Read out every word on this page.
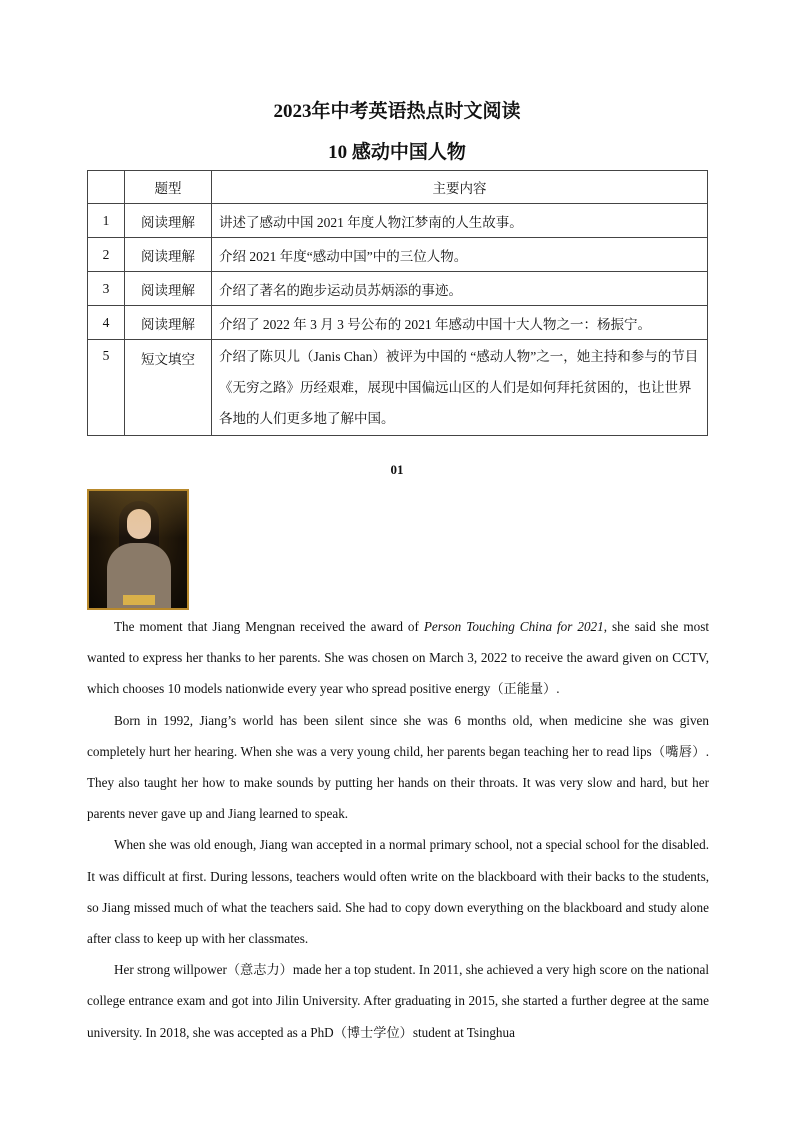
2023年中考英语热点时文阅读
10 感动中国人物
	题型	主要内容
1	阅读理解	讲述了感动中国 2021 年度人物江梦南的人生故事。
2	阅读理解	介绍 2021 年度“感动中国”中的三位人物。
3	阅读理解	介绍了著名的跑步运动员苏炳添的事迹。
4	阅读理解	介绍了 2022 年 3 月 3 号公布的 2021 年感动中国十大人物之一：杨振宁。
5	短文填空	介绍了陈贝儿（Janis Chan）被评为中国的 “感动人物”之一，她主持和参与的节目《无穷之路》历经艰难，展现中国偏远山区的人们是如何拜托贫困的，也让世界各地的人们更多地了解中国。
01

The moment that Jiang Mengnan received the award of Person Touching China for 2021, she said she most wanted to express her thanks to her parents. She was chosen on March 3, 2022 to receive the award given on CCTV, which chooses 10 models nationwide every year who spread positive energy（正能量）.

Born in 1992, Jiang’s world has been silent since she was 6 months old, when medicine she was given completely hurt her hearing. When she was a very young child, her parents began teaching her to read lips（嘴唇）. They also taught her how to make sounds by putting her hands on their throats. It was very slow and hard, but her parents never gave up and Jiang learned to speak.

When she was old enough, Jiang wan accepted in a normal primary school, not a special school for the disabled. It was difficult at first. During lessons, teachers would often write on the blackboard with their backs to the students, so Jiang missed much of what the teachers said. She had to copy down everything on the blackboard and study alone after class to keep up with her classmates.

Her strong willpower（意志力）made her a top student. In 2011, she achieved a very high score on the national college entrance exam and got into Jilin University. After graduating in 2015, she started a further degree at the same university. In 2018, she was accepted as a PhD（博士学位）student at Tsinghua
